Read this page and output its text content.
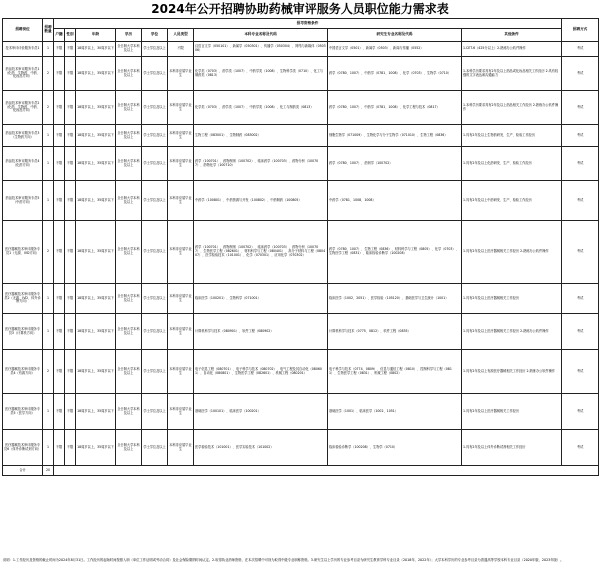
2024年公开招聘协助药械审评服务人员职位能力需求表
招聘岗位	招聘数量	招考资格条件									招聘方式
		户籍	性别	年龄	学历	学位	人员类型	本科专业名称及代码	研究生专业名称及代码	其他条件	
技术审评评价服务专员1	1	不限	不限	18周岁以上，30周岁以下	全日制大学本科及以上	学士学位及以上	不限	汉语言文学（050101）、新闻学（050301）、传播学（050304）、网络与新媒体（050306）	中国语言文学（0501）、新闻学（0503）、新闻与传播（0552）	1.CET-6（425分以上）2.熟练办公软件操作	考试
药品技术审评服务专员1（化药、生物药、中药、化妆品方向）	2	不限	不限	18周岁以上，35周岁以下	全日制大学本科及以上	学士学位及以上	本科非应届毕业生	化学类（0703）、药学类（1007）、中药学类（1008）、生物科学类（0710）、化工与制药类（0813）	药学（0780、1007）、中药学（0781、1008）、化学（0703）、生物学（0710）	1.本科学历要求具有2年及以上药品或化妆品相关工作经历 2.具有较强的文字表达和沟通能力	考试
药品技术审评服务专员2（化药、生物药、中药、化妆品方向）	2	不限	不限	18周岁以上，35周岁以下	全日制大学本科及以上	学士学位及以上	本科非应届毕业生	化学类（0703）、药学类（1007）、中药学类（1008）、化工与制药类（0813）	药学（0780、1007）、中药学（0781、1008）、化学工程与技术（0817）	1.本科学历要求具有2年及以上药品相关工作经历 2.熟练办公软件操作	考试
药品技术审评服务专员3（生物药方向）	1	不限	不限	18周岁以上，35周岁以下	全日制大学本科及以上	学士学位及以上	本科非应届毕业生	生物工程（083001）、生物制药（083002）	细胞生物学（071009）、生物化学与分子生物学（071010）、生物工程（0836）	1.具有2年及以上生物药研发、生产、检验工作经历	考试
药品技术审评服务专员4（化药方向）	1	不限	不限	18周岁以上，35周岁以下	全日制大学本科及以上	学士学位及以上	本科非应届毕业生	药学（100701）、药物制剂（100702）、临床药学（100703）、药物分析（100707）、药物化学（100710）	药学（0780、1007）、药剂学（100702）	1.具有2年及以上化药研发、生产、检验工作经历	考试
药品技术审评服务专员5（中药方向）	1	不限	不限	18周岁以上，35周岁以下	全日制大学本科及以上	学士学位及以上	本科非应届毕业生	中药学（100801）、中药资源与开发（100802）、中药制药（100805）	中药学（0781、1008、1008）	1.具有2年及以上中药研发、生产、检验工作经历	考试
医疗器械技术审评服务专员1（无源、IVD方向）	2	不限	不限	18周岁以上，35周岁以下	全日制大学本科及以上	学士学位及以上	本科非应届毕业生	药学（100701）、药物制剂（100702）、临床药学（100703）、药物分析（100707）、生物医学工程（082601）、材料科学与工程（080401）、高分子材料与工程（080407）、医学检验技术（101001）、化学（070301）、应用化学（070302）	药学（0780、1007）、生物工程（0836）、材料科学与工程（0805）、化学（0703）、生物医学工程（0831）、临床检验诊断学（100208）	1.具有2年及以上医疗器械相关工作经历 2.熟练办公软件操作	考试
医疗器械技术审评服务专员2（无源、IVD、体外诊断方向）	1	不限	不限	18周岁以上，35周岁以下	全日制大学本科及以上	学士学位及以上	本科非应届毕业生	临床医学（100201）、生物科学（071001）	临床医学（1002、2051）、医学检验（105120）、基础医学与卫生统计（1001）	1.具有2年及以上医疗器械相关工作经历	考试
医疗器械技术审评服务专员3（计算机方向）	1	不限	不限	18周岁以上，35周岁以下	全日制大学本科及以上	学士学位及以上	本科非应届毕业生	计算机科学与技术（080901）、软件工程（080902）	计算机科学与技术（0775、0812）、软件工程（0835）	1.具有2年及以上医疗器械相关工作经历 2.熟练办公软件操作	考试
医疗器械技术审评服务专员4（有源方向）	2	不限	不限	18周岁以上，35周岁以下	全日制大学本科及以上	学士学位及以上	本科非应届毕业生	电子信息工程（080701）、电子科学与技术（080702）、电气工程及其自动化（080601）、自动化（080801）、生物医学工程（082601）、机械工程（080201）	电子科学与技术（0774、0809）、信息与通信工程（0810）、控制科学与工程（0811）、生物医学工程（0831）、机械工程（0802）	1.具有2年及以上有源医疗器械相关工作经历 2.熟练办公软件操作	考试
医疗器械技术审评服务专员5（医学方向）	1	不限	不限	18周岁以上，35周岁以下	全日制大学本科及以上	学士学位及以上	本科非应届毕业生	基础医学（100101）、临床医学（100201）	基础医学（1001）、临床医学（1002、1051）	1.具有2年及以上医疗器械相关工作经历	考试
医疗器械技术审评服务专员6（体外诊断试剂方向）	1	不限	不限	18周岁以上，35周岁以下	全日制大学本科及以上	学士学位及以上	本科非应届毕业生	医学检验技术（101001）、医学实验技术（101002）	临床检验诊断学（100208）、生物学（0710）	1.具有2年及以上体外诊断试剂相关工作经历	考试
合计	20										
说明：1.工作经历及资格的截止时间为2024年8月31日。工作经历的起始时间按照入职（单位工作证明或劳动合同）及社会保险缴纳时间认定。2.取得执业药师资格、在本次招聘中可视为取得中级专业职称资格。3.研究生以上学历的专业参考目录为研究生教育学科专业目录（2018年、2022年）；大学本科学历的专业参考目录为普通高等学校本科专业目录（2020年版、2023年版）。
